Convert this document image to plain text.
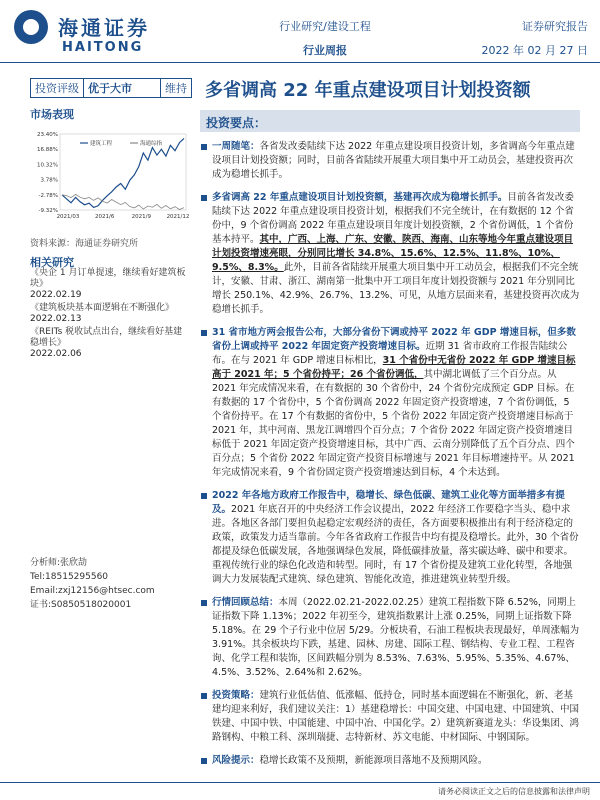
海通证券
HAITONG
行业研究/建设工程
行业周报
证券研究报告
2022 年 02 月 27 日
投资评级 优于大市	维持 多省调高 22 年重点建设项目计划投资额
市场表现
23.40%
16.88%
10.32%
3.78%
-2.78%
-9.32%
2021/03	2021/6	2021/9	2021/12
建筑工程	海通综指
资料来源：海通证券研究所
相关研究
《央企 1 月订单提速，继续看好建筑板块》
2022.02.19
《建筑板块基本面逻辑在不断强化》
2022.02.13
《REITs 税收试点出台，继续看好基建稳增长》
2022.02.06
分析师:张欣劼
Tel:18515295560
Email:zxj12156@htsec.com
证书:S0850518020001
投资要点：
一周随笔：各省发改委陆续下达 2022 年重点建设项目投资计划，多省调高今年重点建设项目计划投资额；同时，目前各省陆续开展重大项目集中开工动员会，基建投资再次成为稳增长抓手。
多省调高 22 年重点建设项目计划投资额，基建再次成为稳增长抓手。目前各省发改委陆续下达 2022 年重点建设项目投资计划，根据我们不完全统计，在有数据的 12 个省份中，9 个省份调高 2022 年重点建设项目年度计划投资额，2 个省份调低，1 个省份基本持平。其中，广西、上海、广东、安徽、陕西、海南、山东等地今年重点建设项目计划投资增速亮眼，分别同比增长 34.8%、15.6%、12.5%、11.8%、10%、9.5%、8.3%。此外，目前各省陆续开展重大项目集中开工动员会，根据我们不完全统计，安徽、甘肃、浙江、湖南第一批集中开工项目年度计划投资额与 2021 年分别同比增长 250.1%、42.9%、26.7%、13.2%、可见，从地方层面来看，基建投资再次成为稳增长抓手。
31 省市地方两会报告公布，大部分省份下调或持平 2022 年 GDP 增速目标，但多数省份上调或持平 2022 年固定资产投资增速目标。近期 31 省市政府工作报告陆续公布。在与 2021 年 GDP 增速目标相比，31 个省份中无省份 2022 年 GDP 增速目标高于 2021 年；5 个省份持平；26 个省份调低，其中湖北调低了三个百分点。从 2021 年完成情况来看，在有数据的 30 个省份中，24 个省份完成预定 GDP 目标。在有数据的 17 个省份中，5 个省份调高 2022 年固定资产投资增速，7 个省份调低，5 个省份持平。在 17 个有数据的省份中，5 个省份 2022 年固定资产投资增速目标高于 2021 年，其中河南、黑龙江调增四个百分点；7 个省份 2022 年固定资产投资增速目标低于 2021 年固定资产投资增速目标，其中广西、云南分别降低了五个百分点、四个百分点；5 个省份 2022 年固定资产投资目标增速与 2021 年目标增速持平。从 2021 年完成情况来看，9 个省份固定资产投资增速达到目标，4 个未达到。
2022 年各地方政府工作报告中，稳增长、绿色低碳、建筑工业化等方面举措多有提及。2021 年底召开的中央经济工作会议提出，2022 年经济工作要稳字当头、稳中求进。各地区各部门要担负起稳定宏观经济的责任，各方面要积极推出有利于经济稳定的政策，政策发力适当靠前。今年各省政府工作报告中均有提及稳增长。此外，30 个省份都提及绿色低碳发展，各地强调绿色发展，降低碳排放量，落实碳达峰、碳中和要求。重视传统行业的绿色化改造和转型。同时，有 17 个省份提及建筑工业化转型，各地强调大力发展装配式建筑、绿色建筑、智能化改造，推进建筑业转型升级。
行情回顾总结：本周（2022.02.21-2022.02.25）建筑工程指数下降 6.52%，同期上证指数下降 1.13%；2022 年初至今，建筑指数累计上涨 0.25%，同期上证指数下降 5.18%。在 29 个子行业中位居 5/29。分板块看，石油工程板块表现最好，单周涨幅为 3.91%。其余板块均下跌，基建、园林、房建、国际工程、钢结构、专业工程、工程咨询、化学工程和装饰，区间跌幅分别为 8.53%、7.63%、5.95%、5.35%、4.67%、4.5%、3.52%、2.64%和 2.62%。
投资策略：建筑行业低估值、低涨幅、低持仓，同时基本面逻辑在不断强化，新、老基建均迎来利好，我们建议关注：1）基建稳增长：中国交建、中国电建、中国建筑、中国铁建、中国中铁、中国能建、中国中冶、中国化学。2）建筑新赛道龙头：华设集团、鸿路钢构、中粮工科、深圳瑞捷、志特新材、苏文电能、中材国际、中钢国际。
风险提示：稳增长政策不及预期，新能源项目落地不及预期风险。
请务必阅读正文之后的信息披露和法律声明
